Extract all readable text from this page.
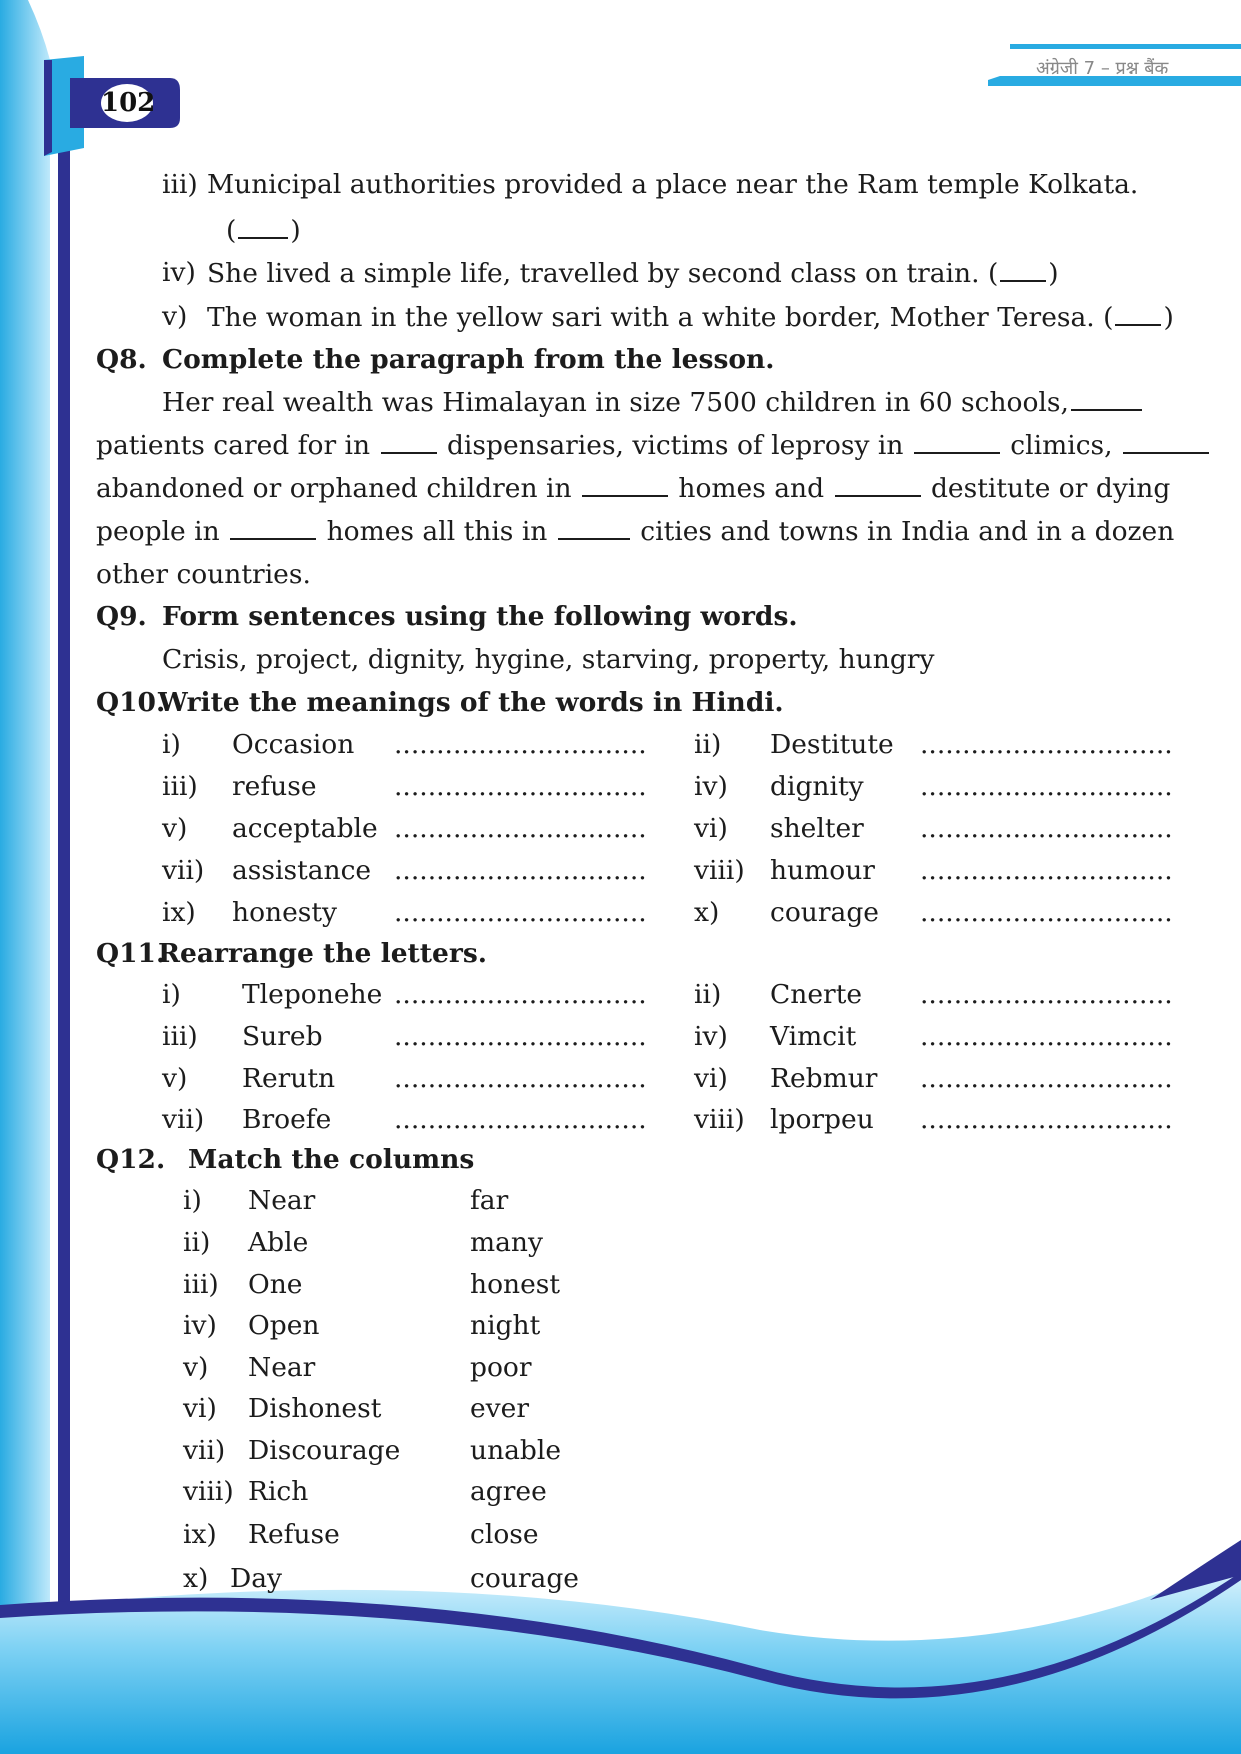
अंग्रेजी 7 – प्रश्न बैंक
102
iii) Municipal authorities provided a place near the Ram temple Kolkata.
( )
iv) She lived a simple life, travelled by second class on train. ( )
v) The woman in the yellow sari with a white border, Mother Teresa. ( )
Q8. Complete the paragraph from the lesson.
Her real wealth was Himalayan in size 7500 children in 60 schools,
patients cared for in	dispensaries, victims of leprosy in	climics,
abandoned or orphaned children in	homes and	destitute or dying
people in	homes all this in	cities and towns in India and in a dozen
other countries.
Q9. Form sentences using the following words.
Crisis, project, dignity, hygine, starving, property, hungry
Q10.
Write the meanings of the words in Hindi.
i) Occasion .............................. ii) Destitute ..............................
iii) refuse	.............................. iv) dignity ..............................
v) acceptable .............................. vi) shelter ..............................
vii) assistance .............................. viii) humour ..............................
ix) honesty .............................. x) courage ..............................
Q11.
Rearrange the letters.
i) Tleponehe .............................. ii) Cnerte ..............................
iii) Sureb	.............................. iv) Vimcit ..............................
v) Rerutn .............................. vi) Rebmur ..............................
vii) Broefe .............................. viii) lporpeu ..............................
Q12. Match the columns
i) Near	far
ii) Able	many
iii) One	honest
iv) Open	night
v) Near	poor
vi) Dishonest	ever
vii) Discourage	unable
viii) Rich	agree
ix) Refuse	close
x) Day	courage
